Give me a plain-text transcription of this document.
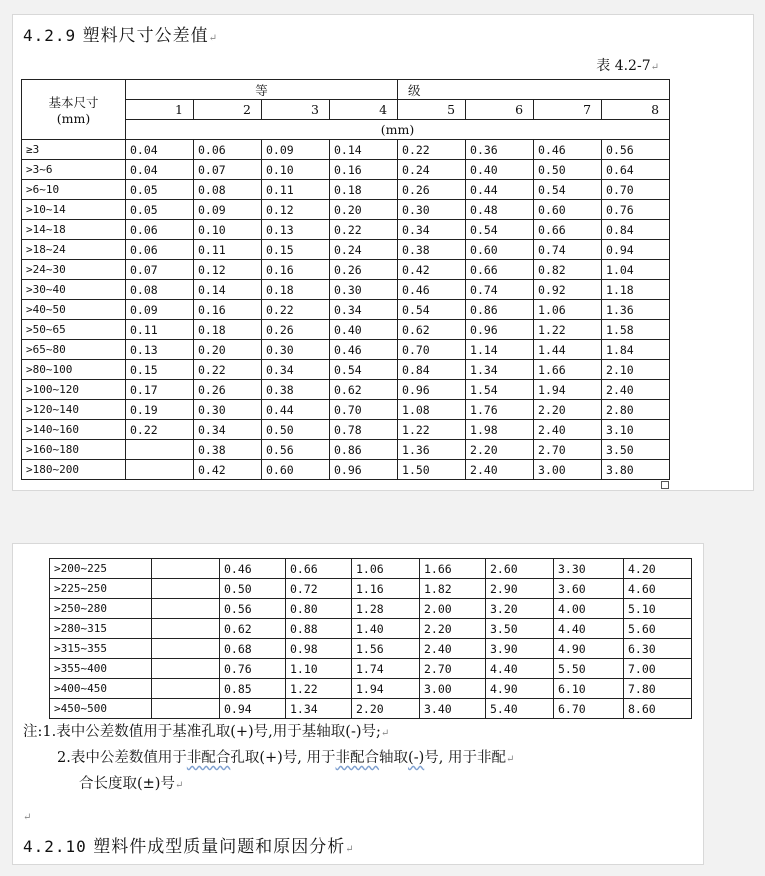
4.2.9 塑料尺寸公差值↵
表 4.2-7↵
基本尺寸
(mm)	等				级			
	1	2	3	4	5	6	7	8
	(mm)							
≥3	0.04	0.06	0.09	0.14	0.22	0.36	0.46	0.56
>3~6	0.04	0.07	0.10	0.16	0.24	0.40	0.50	0.64
>6~10	0.05	0.08	0.11	0.18	0.26	0.44	0.54	0.70
>10~14	0.05	0.09	0.12	0.20	0.30	0.48	0.60	0.76
>14~18	0.06	0.10	0.13	0.22	0.34	0.54	0.66	0.84
>18~24	0.06	0.11	0.15	0.24	0.38	0.60	0.74	0.94
>24~30	0.07	0.12	0.16	0.26	0.42	0.66	0.82	1.04
>30~40	0.08	0.14	0.18	0.30	0.46	0.74	0.92	1.18
>40~50	0.09	0.16	0.22	0.34	0.54	0.86	1.06	1.36
>50~65	0.11	0.18	0.26	0.40	0.62	0.96	1.22	1.58
>65~80	0.13	0.20	0.30	0.46	0.70	1.14	1.44	1.84
>80~100	0.15	0.22	0.34	0.54	0.84	1.34	1.66	2.10
>100~120	0.17	0.26	0.38	0.62	0.96	1.54	1.94	2.40
>120~140	0.19	0.30	0.44	0.70	1.08	1.76	2.20	2.80
>140~160	0.22	0.34	0.50	0.78	1.22	1.98	2.40	3.10
>160~180		0.38	0.56	0.86	1.36	2.20	2.70	3.50
>180~200		0.42	0.60	0.96	1.50	2.40	3.00	3.80
>200~225		0.46	0.66	1.06	1.66	2.60	3.30	4.20
>225~250		0.50	0.72	1.16	1.82	2.90	3.60	4.60
>250~280		0.56	0.80	1.28	2.00	3.20	4.00	5.10
>280~315		0.62	0.88	1.40	2.20	3.50	4.40	5.60
>315~355		0.68	0.98	1.56	2.40	3.90	4.90	6.30
>355~400		0.76	1.10	1.74	2.70	4.40	5.50	7.00
>400~450		0.85	1.22	1.94	3.00	4.90	6.10	7.80
>450~500		0.94	1.34	2.20	3.40	5.40	6.70	8.60
注:1.表中公差数值用于基准孔取(+)号,用于基轴取(-)号;↵
2.表中公差数值用于非配合孔取(+)号, 用于非配合轴取(-)号, 用于非配↵
合长度取(±)号↵
↵
4.2.10 塑料件成型质量问题和原因分析↵
